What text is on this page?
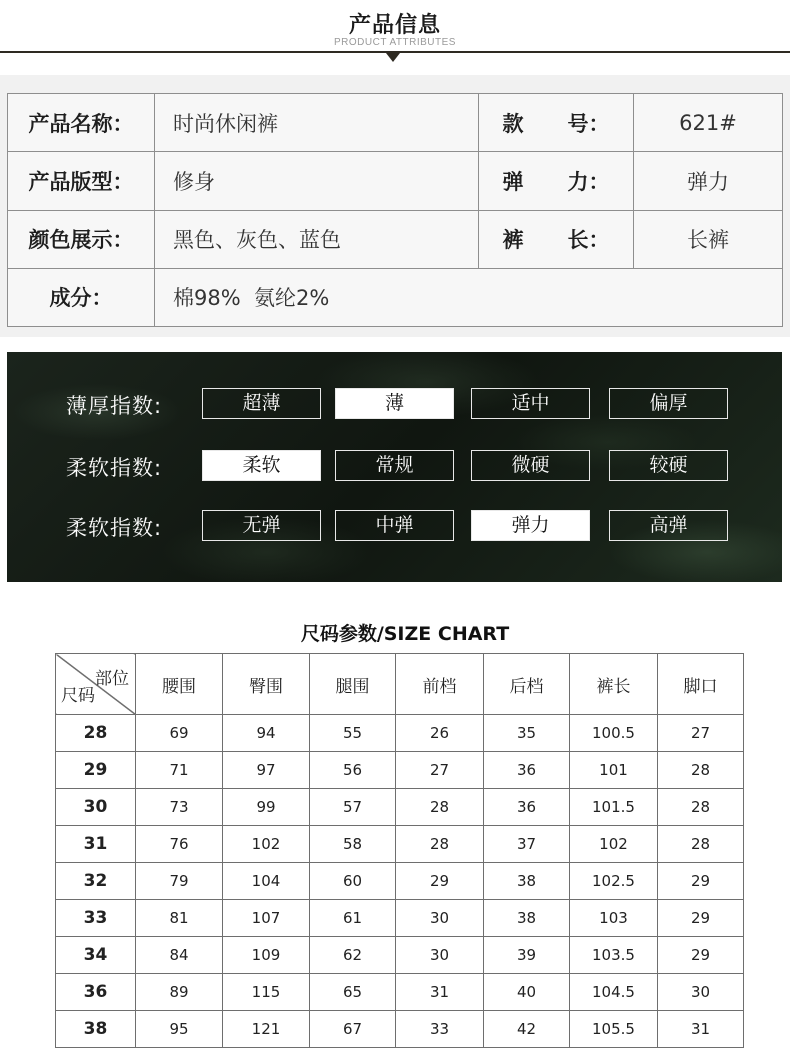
产品信息
PRODUCT ATTRIBUTES
产品名称：	时尚休闲裤	款 号：	621#
产品版型：	修身	弹 力：	弹力
颜色展示：	黑色、灰色、蓝色	裤 长：	长裤
成分：	棉98%  氨纶2%		
薄厚指数:	超薄	薄	适中	偏厚
柔软指数:	柔软	常规	微硬	较硬
柔软指数:	无弹	中弹	弹力	高弹
尺码参数/SIZE CHART
部位
尺码	腰围	臀围	腿围	前档	后档	裤长	脚口
28	69	94	55	26	35	100.5	27
29	71	97	56	27	36	101	28
30	73	99	57	28	36	101.5	28
31	76	102	58	28	37	102	28
32	79	104	60	29	38	102.5	29
33	81	107	61	30	38	103	29
34	84	109	62	30	39	103.5	29
36	89	115	65	31	40	104.5	30
38	95	121	67	33	42	105.5	31
